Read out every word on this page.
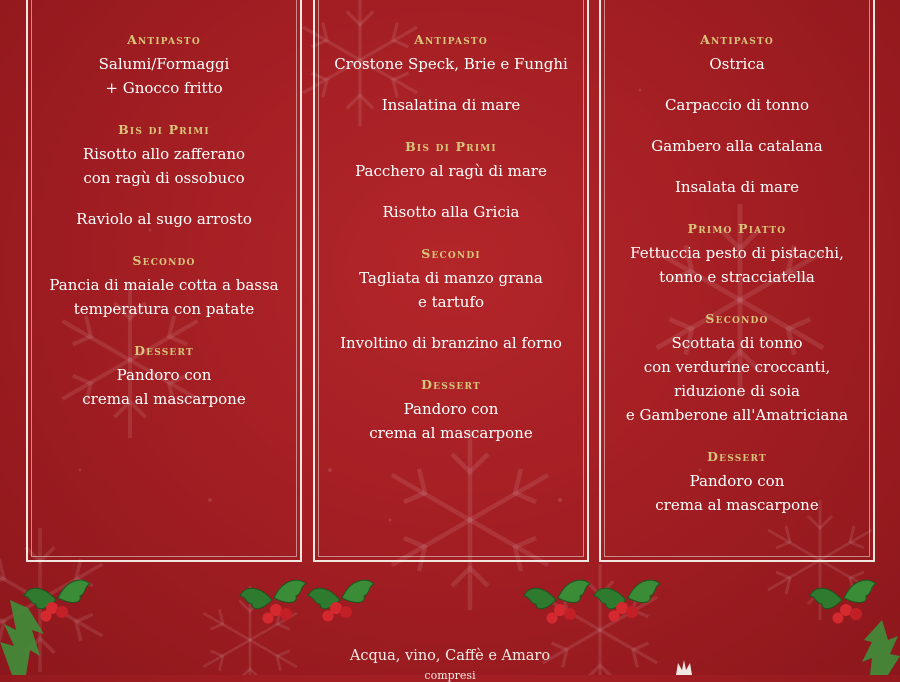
Antipasto
Salumi/Formaggi
+ Gnocco fritto
Bis di Primi
Risotto allo zafferano
con ragù di ossobuco
Raviolo al sugo arrosto
Secondo
Pancia di maiale cotta a bassa
temperatura con patate
Dessert
Pandoro con
crema al mascarpone
Antipasto
Crostone Speck, Brie e Funghi
Insalatina di mare
Bis di Primi
Pacchero al ragù di mare
Risotto alla Gricia
Secondi
Tagliata di manzo grana
e tartufo
Involtino di branzino al forno
Dessert
Pandoro con
crema al mascarpone
Antipasto
Ostrica
Carpaccio di tonno
Gambero alla catalana
Insalata di mare
Primo Piatto
Fettuccia pesto di pistacchi,
tonno e stracciatella
Secondo
Scottata di tonno
con verdurine croccanti,
riduzione di soia
e Gamberone all'Amatriciana
Dessert
Pandoro con
crema al mascarpone
Acqua, vino, Caffè e Amaro
compresi
